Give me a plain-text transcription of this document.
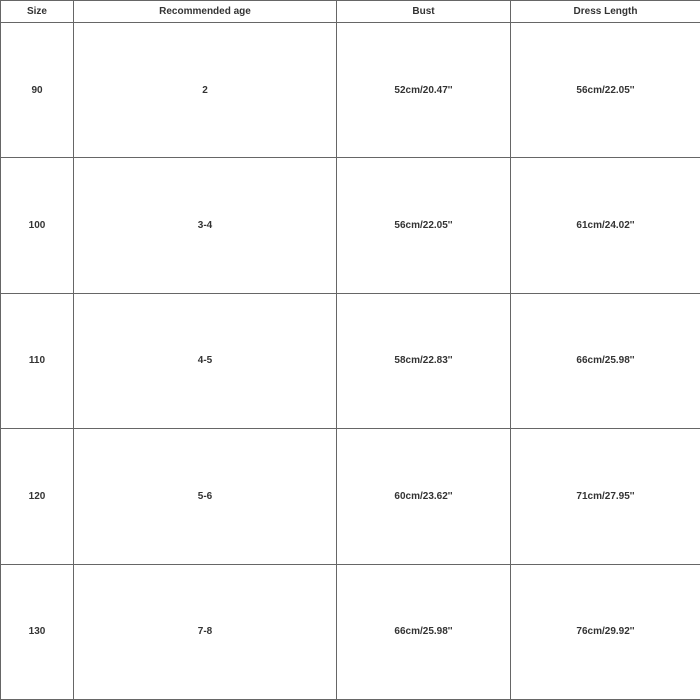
Size	Recommended age	Bust	Dress Length
90	2	52cm/20.47''	56cm/22.05''
100	3-4	56cm/22.05''	61cm/24.02''
110	4-5	58cm/22.83''	66cm/25.98''
120	5-6	60cm/23.62''	71cm/27.95''
130	7-8	66cm/25.98''	76cm/29.92''
